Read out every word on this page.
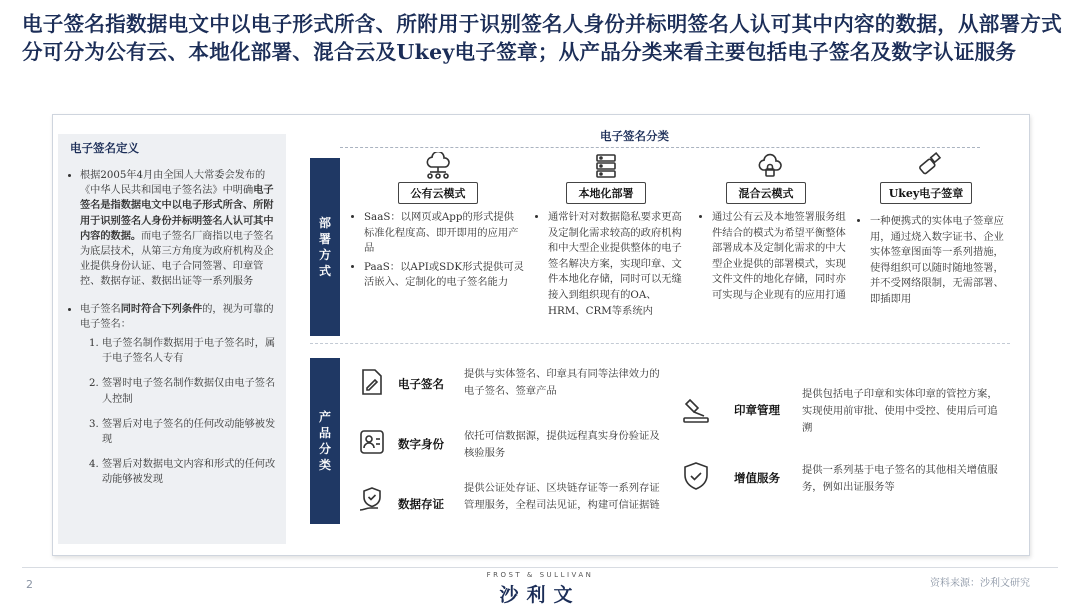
电子签名指数据电文中以电子形式所含、所附用于识别签名人身份并标明签名人认可其中内容的数据，从部署方式分可分为公有云、本地化部署、混合云及Ukey电子签章；从产品分类来看主要包括电子签名及数字认证服务
电子签名定义
• 根据2005年4月由全国人大常委会发布的《中华人民共和国电子签名法》中明确电子签名是指数据电文中以电子形式所含、所附用于识别签名人身份并标明签名人认可其中内容的数据。而电子签名厂商指以电子签名为底层技术，从第三方角度为政府机构及企业提供身份认证、电子合同签署、印章管控、数据存证、数据出证等一系列服务
• 电子签名同时符合下列条件的，视为可靠的电子签名：
1. 电子签名制作数据用于电子签名时，属于电子签名人专有
2. 签署时电子签名制作数据仅由电子签名人控制
3. 签署后对电子签名的任何改动能够被发现
4. 签署后对数据电文内容和形式的任何改动能够被发现
电子签名分类
部署方式
产品分类
公有云模式	本地化部署	混合云模式	Ukey电子签章
• SaaS：以网页或App的形式提供标准化程度高、即开即用的应用产品
• PaaS：以API或SDK形式提供可灵活嵌入、定制化的电子签名能力
• 通常针对对数据隐私要求更高及定制化需求较高的政府机构和中大型企业提供整体的电子签名解决方案，实现印章、文件本地化存储，同时可以无缝接入到组织现有的OA、HRM、CRM等系统内
• 通过公有云及本地签署服务组件结合的模式为希望平衡整体部署成本及定制化需求的中大型企业提供的部署模式，实现文件文件的地化存储，同时亦可实现与企业现有的应用打通
• 一种便携式的实体电子签章应用，通过烧入数字证书、企业实体签章图面等一系列措施，使得组织可以随时随地签署，并不受网络限制，无需部署、即插即用
电子签名
提供与实体签名、印章具有同等法律效力的电子签名、签章产品
数字身份
依托可信数据源，提供远程真实身份验证及核验服务
数据存证
提供公证处存证、区块链存证等一系列存证管理服务，全程司法见证，构建可信证据链
印章管理
提供包括电子印章和实体印章的管控方案，实现使用前审批、使用中受控、使用后可追溯
增值服务
提供一系列基于电子签名的其他相关增值服务，例如出证服务等
2
FROST & SULLIVAN
沙利文
资料来源：沙利文研究
